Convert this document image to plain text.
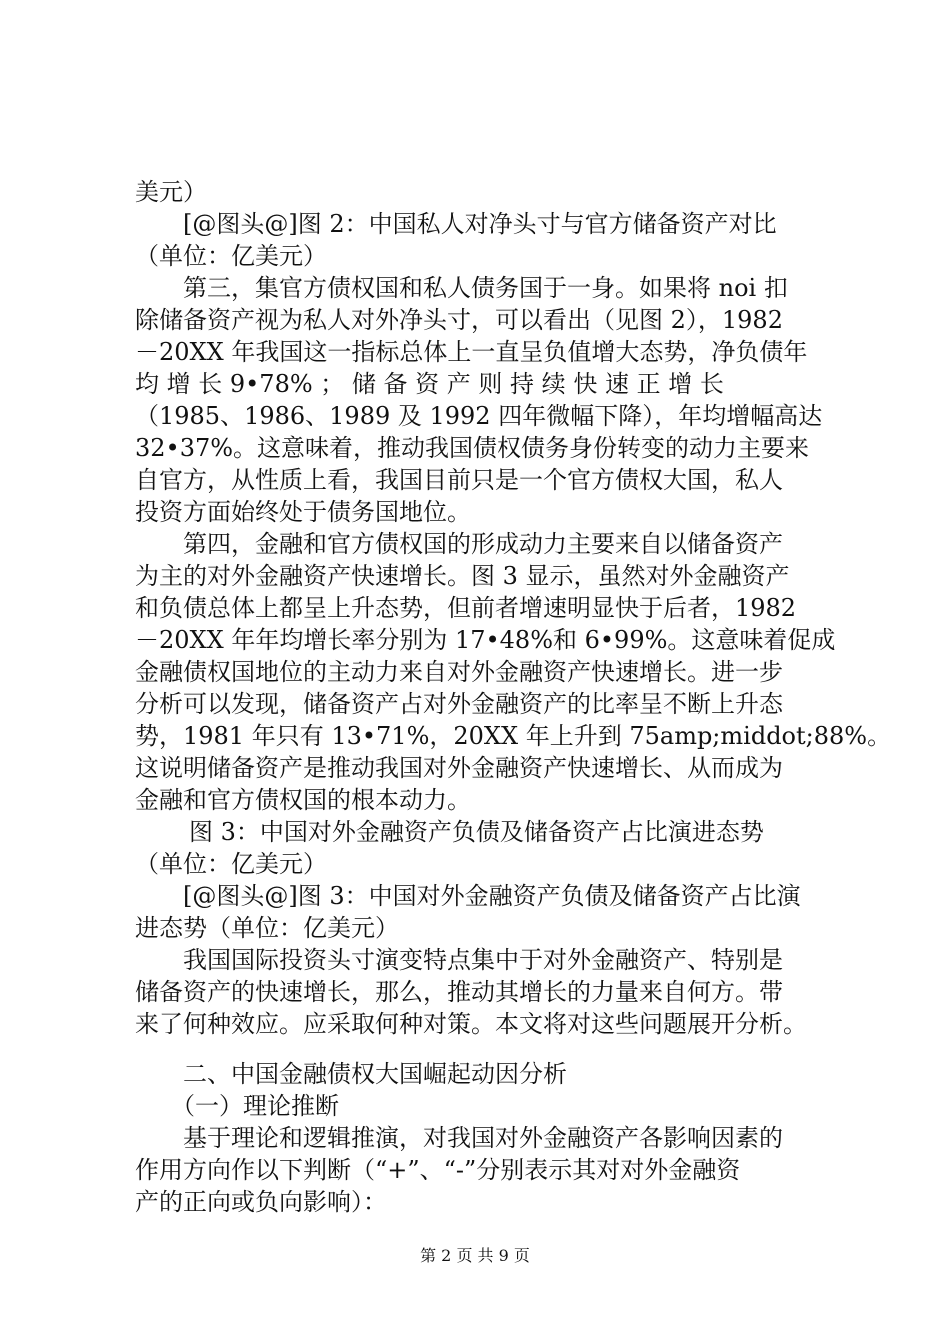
美元）
[@图头@]图 2：中国私人对净头寸与官方储备资产对比
（单位：亿美元）
第三，集官方债权国和私人债务国于一身。如果将 noi 扣
除储备资产视为私人对外净头寸，可以看出（见图 2），1982
－20XX 年我国这一指标总体上一直呈负值增大态势，净负债年
均 增 长 9•78% ； 储 备 资 产 则 持 续 快 速 正 增 长
（1985、1986、1989 及 1992 四年微幅下降），年均增幅高达
32•37%。这意味着，推动我国债权债务身份转变的动力主要来
自官方，从性质上看，我国目前只是一个官方债权大国，私人
投资方面始终处于债务国地位。
第四，金融和官方债权国的形成动力主要来自以储备资产
为主的对外金融资产快速增长。图 3 显示，虽然对外金融资产
和负债总体上都呈上升态势，但前者增速明显快于后者，1982
－20XX 年年均增长率分别为 17•48%和 6•99%。这意味着促成
金融债权国地位的主动力来自对外金融资产快速增长。进一步
分析可以发现，储备资产占对外金融资产的比率呈不断上升态
势，1981 年只有 13•71%，20XX 年上升到 75amp;middot;88%。
这说明储备资产是推动我国对外金融资产快速增长、从而成为
金融和官方债权国的根本动力。
图 3：中国对外金融资产负债及储备资产占比演进态势
（单位：亿美元）
[@图头@]图 3：中国对外金融资产负债及储备资产占比演
进态势（单位：亿美元）
我国国际投资头寸演变特点集中于对外金融资产、特别是
储备资产的快速增长，那么，推动其增长的力量来自何方。带
来了何种效应。应采取何种对策。本文将对这些问题展开分析。
二、中国金融债权大国崛起动因分析
（一）理论推断
基于理论和逻辑推演，对我国对外金融资产各影响因素的
作用方向作以下判断（“+”、“-”分别表示其对对外金融资
产的正向或负向影响）：
第 2 页 共 9 页
